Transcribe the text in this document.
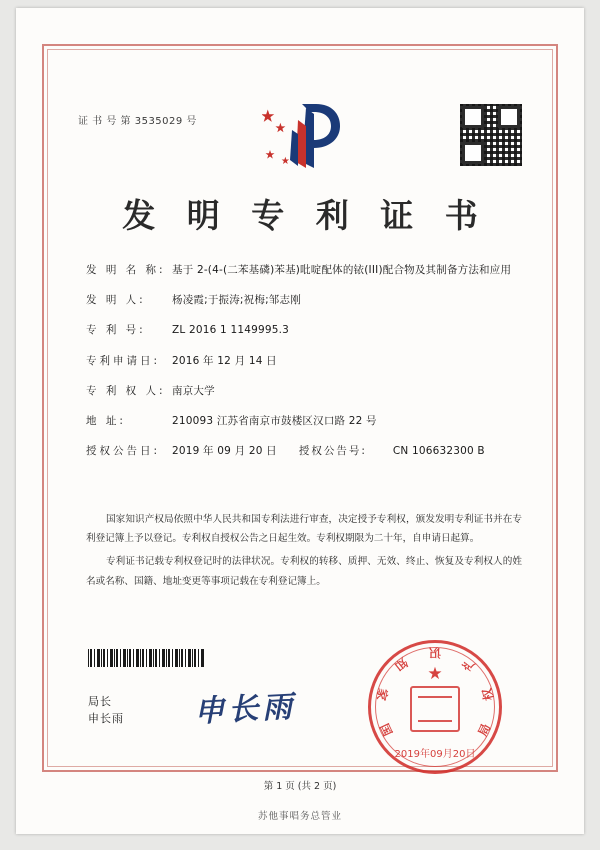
证 书 号 第 3535029 号
发 明 专 利 证 书
发 明 名 称: 基于 2-(4-(二苯基磷)苯基)吡啶配体的铱(III)配合物及其制备方法和应用
发 明 人:	杨凌霞;于振涛;祝梅;邹志刚
专 利 号:	ZL 2016 1 1149995.3
专利申请日:	2016 年 12 月 14 日
专 利 权 人: 南京大学
地 址:	210093 江苏省南京市鼓楼区汉口路 22 号
授权公告日:	2019 年 09 月 20 日	授权公告号:	CN 106632300 B

国家知识产权局依照中华人民共和国专利法进行审查，决定授予专利权，颁发发明专利证书并在专利登记簿上予以登记。专利权自授权公告之日起生效。专利权期限为二十年，自申请日起算。

专利证书记载专利权登记时的法律状况。专利权的转移、质押、无效、终止、恢复及专利权人的姓名或名称、国籍、地址变更等事项记载在专利登记簿上。

局长
申长雨 申长雨
★
国
家
知
识
产
权
局
2019年09月20日
第 1 页 (共 2 页)
苏他事唱务总管业
